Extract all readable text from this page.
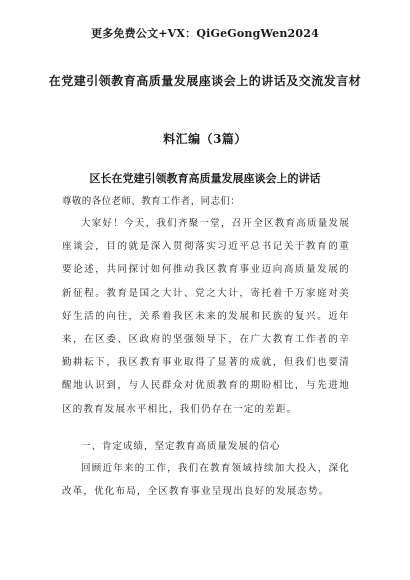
更多免费公文+VX：QiGeGongWen2024
在党建引领教育高质量发展座谈会上的讲话及交流发言材
料汇编（3篇）
区长在党建引领教育高质量发展座谈会上的讲话
尊敬的各位老师、教育工作者，同志们：

大家好！今天，我们齐聚一堂，召开全区教育高质量发展座谈会，目的就是深入贯彻落实习近平总书记关于教育的重要论述，共同探讨如何推动我区教育事业迈向高质量发展的新征程。教育是国之大计、党之大计，寄托着千万家庭对美好生活的向往，关系着我区未来的发展和民族的复兴。近年来，在区委、区政府的坚强领导下，在广大教育工作者的辛勤耕耘下，我区教育事业取得了显著的成就，但我们也要清醒地认识到，与人民群众对优质教育的期盼相比，与先进地区的教育发展水平相比，我们仍存在一定的差距。

一、肯定成绩，坚定教育高质量发展的信心

回顾近年来的工作，我们在教育领域持续加大投入，深化改革，优化布局，全区教育事业呈现出良好的发展态势。
